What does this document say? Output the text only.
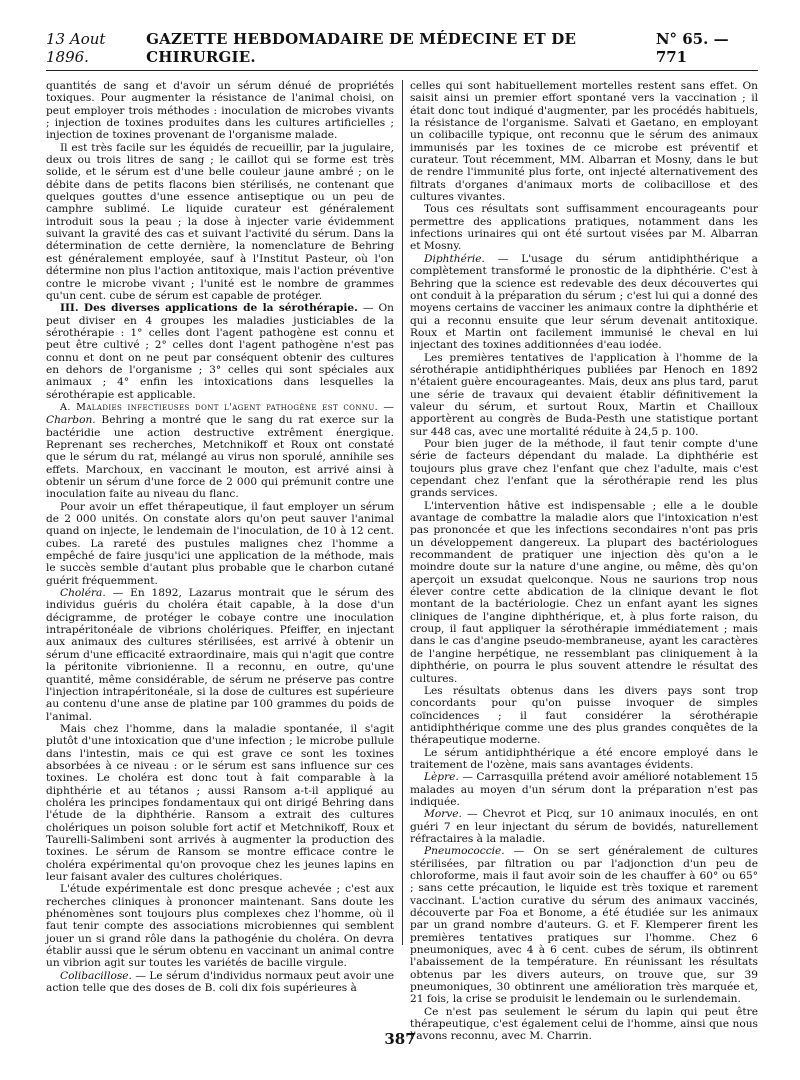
13 Aout 1896.
GAZETTE HEBDOMADAIRE DE MÉDECINE ET DE CHIRURGIE.
N° 65. — 771

quantités de sang et d'avoir un sérum dénué de propriétés toxiques. Pour augmenter la résistance de l'animal choisi, on peut employer trois méthodes : inoculation de microbes vivants ; injection de toxines produites dans les cultures artificielles ; injection de toxines provenant de l'organisme malade.

Il est très facile sur les équidés de recueillir, par la jugulaire, deux ou trois litres de sang ; le caillot qui se forme est très solide, et le sérum est d'une belle couleur jaune ambré ; on le débite dans de petits flacons bien stérilisés, ne contenant que quelques gouttes d'une essence antiseptique ou un peu de camphre sublimé. Le liquide curateur est généralement introduit sous la peau ; la dose à injecter varie évidemment suivant la gravité des cas et suivant l'activité du sérum. Dans la détermination de cette dernière, la nomenclature de Behring est généralement employée, sauf à l'Institut Pasteur, où l'on détermine non plus l'action antitoxique, mais l'action préventive contre le microbe vivant ; l'unité est le nombre de grammes qu'un cent. cube de sérum est capable de protéger.

III. Des diverses applications de la sérothérapie. — On peut diviser en 4 groupes les maladies justiciables de la sérothérapie : 1° celles dont l'agent pathogène est connu et peut être cultivé ; 2° celles dont l'agent pathogène n'est pas connu et dont on ne peut par conséquent obtenir des cultures en dehors de l'organisme ; 3° celles qui sont spéciales aux animaux ; 4° enfin les intoxications dans lesquelles la sérothérapie est applicable.

A. Maladies infectieuses dont l'agent pathogène est connu. — Charbon. Behring a montré que le sang du rat exerce sur la bactéridie une action destructive extrêment énergique. Reprenant ses recherches, Metchnikoff et Roux ont constaté que le sérum du rat, mélangé au virus non sporulé, annihile ses effets. Marchoux, en vaccinant le mouton, est arrivé ainsi à obtenir un sérum d'une force de 2 000 qui prémunit contre une inoculation faite au niveau du flanc.

Pour avoir un effet thérapeutique, il faut employer un sérum de 2 000 unités. On constate alors qu'on peut sauver l'animal quand on injecte, le lendemain de l'inoculation, de 10 à 12 cent. cubes. La rareté des pustules malignes chez l'homme a empêché de faire jusqu'ici une application de la méthode, mais le succès semble d'autant plus probable que le charbon cutané guérit fréquemment.

Choléra. — En 1892, Lazarus montrait que le sérum des individus guéris du choléra était capable, à la dose d'un décigramme, de protéger le cobaye contre une inoculation intrapéritonéale de vibrions cholériques. Pfeiffer, en injectant aux animaux des cultures stérilisées, est arrivé à obtenir un sérum d'une efficacité extraordinaire, mais qui n'agit que contre la péritonite vibrionienne. Il a reconnu, en outre, qu'une quantité, même considérable, de sérum ne préserve pas contre l'injection intrapéritonéale, si la dose de cultures est supérieure au contenu d'une anse de platine par 100 grammes du poids de l'animal.

Mais chez l'homme, dans la maladie spontanée, il s'agit plutôt d'une intoxication que d'une infection ; le microbe pullule dans l'intestin, mais ce qui est grave ce sont les toxines absorbées à ce niveau : or le sérum est sans influence sur ces toxines. Le choléra est donc tout à fait comparable à la diphthérie et au tétanos ; aussi Ransom a-t-il appliqué au choléra les principes fondamentaux qui ont dirigé Behring dans l'étude de la diphthérie. Ransom a extrait des cultures cholériques un poison soluble fort actif et Metchnikoff, Roux et Taurelli-Salimbeni sont arrivés à augmenter la production des toxines. Le sérum de Ransom se montre efficace contre le choléra expérimental qu'on provoque chez les jeunes lapins en leur faisant avaler des cultures cholériques.

L'étude expérimentale est donc presque achevée ; c'est aux recherches cliniques à prononcer maintenant. Sans doute les phénomènes sont toujours plus complexes chez l'homme, où il faut tenir compte des associations microbiennes qui semblent jouer un si grand rôle dans la pathogénie du choléra. On devra établir aussi que le sérum obtenu en vaccinant un animal contre un vibrion agit sur toutes les variétés de bacille virgule.

Colibacillose. — Le sérum d'individus normaux peut avoir une action telle que des doses de B. coli dix fois supérieures à

celles qui sont habituellement mortelles restent sans effet. On saisit ainsi un premier effort spontané vers la vaccination ; il était donc tout indiqué d'augmenter, par les procédés habituels, la résistance de l'organisme. Salvati et Gaetano, en employant un colibacille typique, ont reconnu que le sérum des animaux immunisés par les toxines de ce microbe est préventif et curateur. Tout récemment, MM. Albarran et Mosny, dans le but de rendre l'immunité plus forte, ont injecté alternativement des filtrats d'organes d'animaux morts de colibacillose et des cultures vivantes.

Tous ces résultats sont suffisamment encourageants pour permettre des applications pratiques, notamment dans les infections urinaires qui ont été surtout visées par M. Albarran et Mosny.

Diphthérie. — L'usage du sérum antidiphthérique a complètement transformé le pronostic de la diphthérie. C'est à Behring que la science est redevable des deux découvertes qui ont conduit à la préparation du sérum ; c'est lui qui a donné des moyens certains de vacciner les animaux contre la diphthérie et qui a reconnu ensuite que leur sérum devenait antitoxique. Roux et Martin ont facilement immunisé le cheval en lui injectant des toxines additionnées d'eau iodée.

Les premières tentatives de l'application à l'homme de la sérothérapie antidiphthériques publiées par Henoch en 1892 n'étaient guère encourageantes. Mais, deux ans plus tard, parut une série de travaux qui devaient établir définitivement la valeur du sérum, et surtout Roux, Martin et Chailloux apportèrent au congrès de Buda-Pesth une statistique portant sur 448 cas, avec une mortalité réduite à 24,5 p. 100.

Pour bien juger de la méthode, il faut tenir compte d'une série de facteurs dépendant du malade. La diphthérie est toujours plus grave chez l'enfant que chez l'adulte, mais c'est cependant chez l'enfant que la sérothérapie rend les plus grands services.

L'intervention hâtive est indispensable ; elle a le double avantage de combattre la maladie alors que l'intoxication n'est pas prononcée et que les infections secondaires n'ont pas pris un développement dangereux. La plupart des bactériologues recommandent de pratiquer une injection dès qu'on a le moindre doute sur la nature d'une angine, ou même, dès qu'on aperçoit un exsudat quelconque. Nous ne saurions trop nous élever contre cette abdication de la clinique devant le flot montant de la bactériologie. Chez un enfant ayant les signes cliniques de l'angine diphthérique, et, à plus forte raison, du croup, il faut appliquer la sérothérapie immédiatement ; mais dans le cas d'angine pseudo-membraneuse, ayant les caractères de l'angine herpétique, ne ressemblant pas cliniquement à la diphthérie, on pourra le plus souvent attendre le résultat des cultures.

Les résultats obtenus dans les divers pays sont trop concordants pour qu'on puisse invoquer de simples coïncidences ; il faut considérer la sérothérapie antidiphthérique comme une des plus grandes conquêtes de la thérapeutique moderne.

Le sérum antidiphthérique a été encore employé dans le traitement de l'ozène, mais sans avantages évidents.

Lèpre. — Carrasquilla prétend avoir amélioré notablement 15 malades au moyen d'un sérum dont la préparation n'est pas indiquée.

Morve. — Chevrot et Picq, sur 10 animaux inoculés, en ont guéri 7 en leur injectant du sérum de bovidés, naturellement réfractaires à la maladie.

Pneumococcie. — On se sert généralement de cultures stérilisées, par filtration ou par l'adjonction d'un peu de chloroforme, mais il faut avoir soin de les chauffer à 60° ou 65° ; sans cette précaution, le liquide est très toxique et rarement vaccinant. L'action curative du sérum des animaux vaccinés, découverte par Foa et Bonome, a été étudiée sur les animaux par un grand nombre d'auteurs. G. et F. Klemperer firent les premières tentatives pratiques sur l'homme. Chez 6 pneumoniques, avec 4 à 6 cent. cubes de sérum, ils obtinrent l'abaissement de la température. En réunissant les résultats obtenus par les divers auteurs, on trouve que, sur 39 pneumoniques, 30 obtinrent une amélioration très marquée et, 21 fois, la crise se produisit le lendemain ou le surlendemain.

Ce n'est pas seulement le sérum du lapin qui peut être thérapeutique, c'est également celui de l'homme, ainsi que nous l'avons reconnu, avec M. Charrin.

387
